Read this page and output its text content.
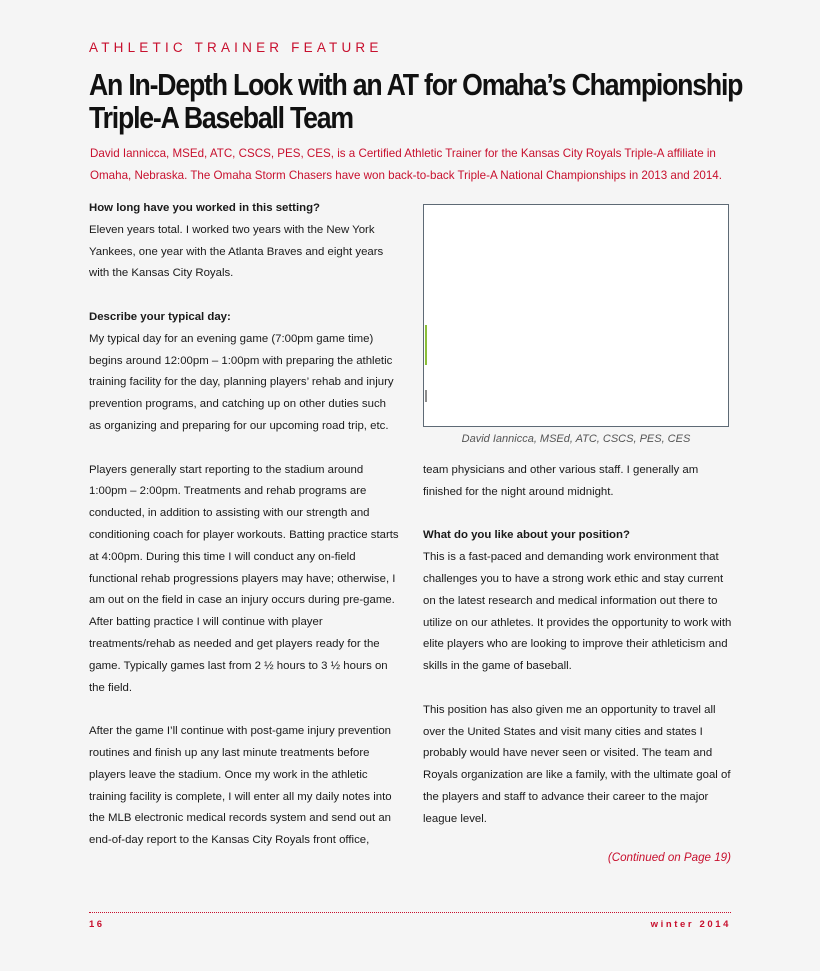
ATHLETIC TRAINER FEATURE
An In-Depth Look with an AT for Omaha’s Championship Triple-A Baseball Team
David Iannicca, MSEd, ATC, CSCS, PES, CES, is a Certified Athletic Trainer for the Kansas City Royals Triple-A affiliate in Omaha, Nebraska. The Omaha Storm Chasers have won back-to-back Triple-A National Championships in 2013 and 2014.

How long have you worked in this setting?

Eleven years total. I worked two years with the New York Yankees, one year with the Atlanta Braves and eight years with the Kansas City Royals.

Describe your typical day:

My typical day for an evening game (7:00pm game time) begins around 12:00pm – 1:00pm with preparing the athletic training facility for the day, planning players’ rehab and injury prevention programs, and catching up on other duties such as organizing and preparing for our upcoming road trip, etc.

Players generally start reporting to the stadium around 1:00pm – 2:00pm. Treatments and rehab programs are conducted, in addition to assisting with our strength and conditioning coach for player workouts. Batting practice starts at 4:00pm. During this time I will conduct any on-field functional rehab progressions players may have; otherwise, I am out on the field in case an injury occurs during pre-game. After batting practice I will continue with player treatments/rehab as needed and get players ready for the game. Typically games last from 2 ½ hours to 3 ½ hours on the field.

After the game I’ll continue with post-game injury prevention routines and finish up any last minute treatments before players leave the stadium. Once my work in the athletic training facility is complete, I will enter all my daily notes into the MLB electronic medical records system and send out an end-of-day report to the Kansas City Royals front office,

David Iannicca, MSEd, ATC, CSCS, PES, CES

team physicians and other various staff. I generally am finished for the night around midnight.

What do you like about your position?

This is a fast-paced and demanding work environment that challenges you to have a strong work ethic and stay current on the latest research and medical information out there to utilize on our athletes. It provides the opportunity to work with elite players who are looking to improve their athleticism and skills in the game of baseball.

This position has also given me an opportunity to travel all over the United States and visit many cities and states I probably would have never seen or visited. The team and Royals organization are like a family, with the ultimate goal of the players and staff to advance their career to the major league level.

(Continued on Page 19)
16	winter 2014
